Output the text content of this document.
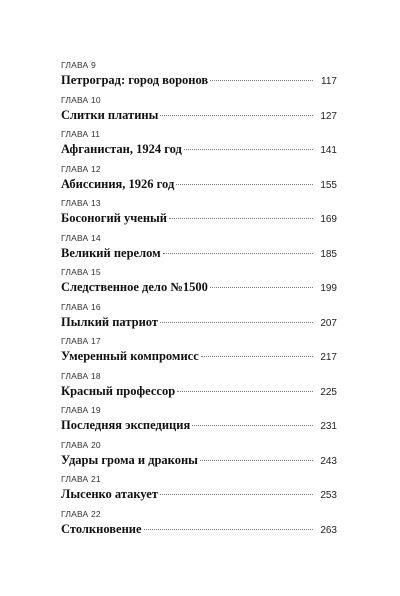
ГЛАВА 9
Петроград: город воронов	117
ГЛАВА 10
Слитки платины	127
ГЛАВА 11
Афганистан, 1924 год	141
ГЛАВА 12
Абиссиния, 1926 год	155
ГЛАВА 13
Босоногий ученый	169
ГЛАВА 14
Великий перелом	185
ГЛАВА 15
Следственное дело №1500	199
ГЛАВА 16
Пылкий патриот	207
ГЛАВА 17
Умеренный компромисс	217
ГЛАВА 18
Красный профессор	225
ГЛАВА 19
Последняя экспедиция	231
ГЛАВА 20
Удары грома и драконы	243
ГЛАВА 21
Лысенко атакует	253
ГЛАВА 22
Столкновение	263
